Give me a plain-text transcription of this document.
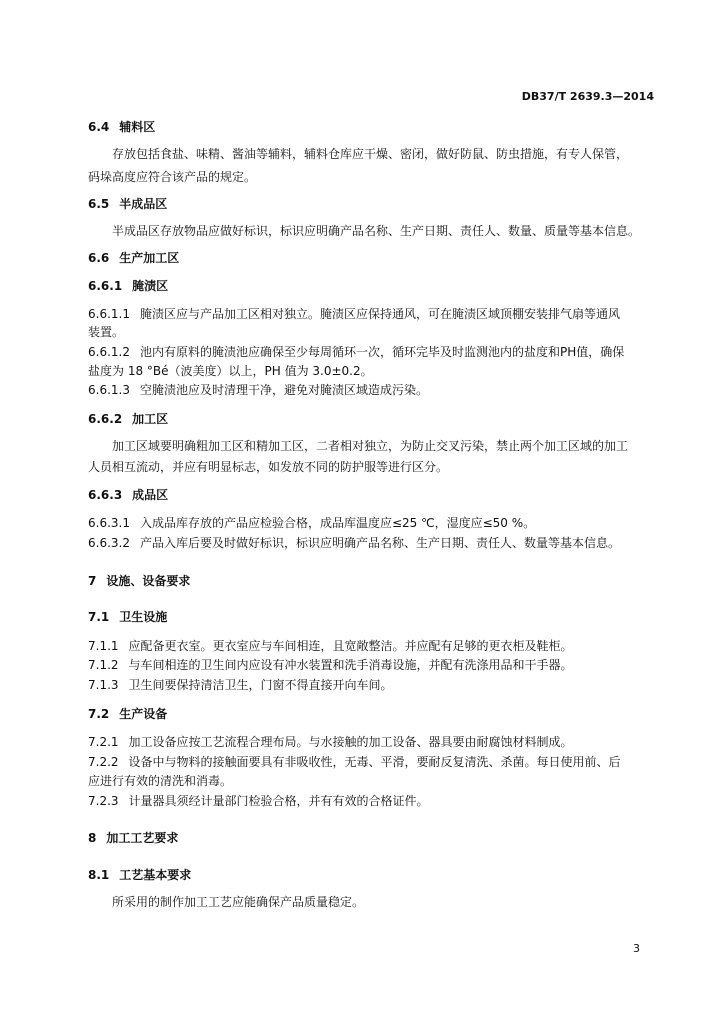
DB37/T 2639.3—2014
6.4 辅料区
存放包括食盐、味精、酱油等辅料，辅料仓库应干燥、密闭，做好防鼠、防虫措施，有专人保管，
码垛高度应符合该产品的规定。
6.5 半成品区
半成品区存放物品应做好标识，标识应明确产品名称、生产日期、责任人、数量、质量等基本信息。
6.6 生产加工区
6.6.1 腌渍区
6.6.1.1 腌渍区应与产品加工区相对独立。腌渍区应保持通风，可在腌渍区域顶棚安装排气扇等通风
装置。
6.6.1.2 池内有原料的腌渍池应确保至少每周循环一次，循环完毕及时监测池内的盐度和PH值，确保
盐度为 18 °Bé（波美度）以上，PH 值为 3.0±0.2。
6.6.1.3 空腌渍池应及时清理干净，避免对腌渍区域造成污染。
6.6.2 加工区
加工区域要明确粗加工区和精加工区，二者相对独立，为防止交叉污染，禁止两个加工区域的加工
人员相互流动，并应有明显标志，如发放不同的防护服等进行区分。
6.6.3 成品区
6.6.3.1 入成品库存放的产品应检验合格，成品库温度应≤25 ℃，湿度应≤50 %。
6.6.3.2 产品入库后要及时做好标识，标识应明确产品名称、生产日期、责任人、数量等基本信息。
7 设施、设备要求
7.1 卫生设施
7.1.1 应配备更衣室。更衣室应与车间相连，且宽敞整洁。并应配有足够的更衣柜及鞋柜。
7.1.2 与车间相连的卫生间内应设有冲水装置和洗手消毒设施，并配有洗涤用品和干手器。
7.1.3 卫生间要保持清洁卫生，门窗不得直接开向车间。
7.2 生产设备
7.2.1 加工设备应按工艺流程合理布局。与水接触的加工设备、器具要由耐腐蚀材料制成。
7.2.2 设备中与物料的接触面要具有非吸收性，无毒、平滑，要耐反复清洗、杀菌。每日使用前、后
应进行有效的清洗和消毒。
7.2.3 计量器具须经计量部门检验合格，并有有效的合格证件。
8 加工工艺要求
8.1 工艺基本要求
所采用的制作加工工艺应能确保产品质量稳定。
3
